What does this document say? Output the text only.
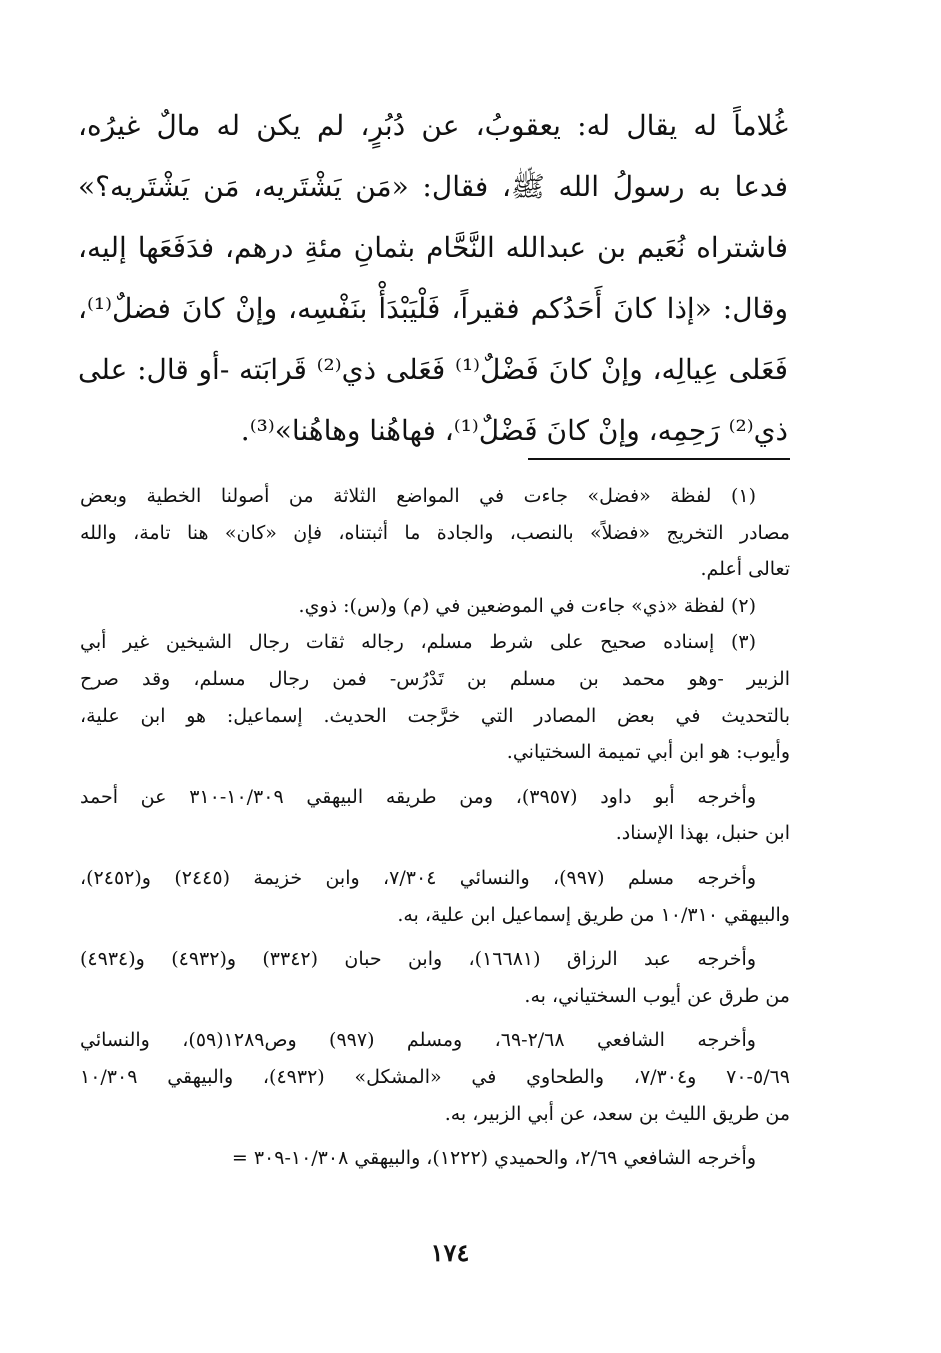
غُلاماً له يقال له: يعقوبُ، عن دُبُرٍ، لم يكن له مالٌ غيرُه،
فدعا به رسولُ الله ﷺ، فقال: «مَن يَشْتَريه، مَن يَشْتَريه؟»
فاشتراه نُعَيم بن عبدالله النَّحَّام بثمانِ مئةِ درهم، فدَفَعَها إليه،
وقال: «إذا كانَ أَحَدُكم فقيراً، فَلْيَبْدَأْ بنَفْسِه، وإنْ كانَ فضلٌ⁽¹⁾،
فَعَلى عِيالِه، وإنْ كانَ فَضْلٌ⁽¹⁾ فَعَلى ذي⁽²⁾ قَرابَته -أو قال: على
ذي⁽²⁾ رَحِمِه، وإنْ كانَ فَضْلٌ⁽¹⁾، فهاهُنا وهاهُنا»⁽³⁾.
(١) لفظة «فضل» جاءت في المواضع الثلاثة من أصولنا الخطية وبعض
مصادر التخريج «فضلاً» بالنصب، والجادة ما أثبتناه، فإن «كان» هنا تامة، والله
تعالى أعلم.
(٢) لفظة «ذي» جاءت في الموضعين في (م) و(س): ذوي.
(٣) إسناده صحيح على شرط مسلم، رجاله ثقات رجال الشيخين غير أبي
الزبير -وهو محمد بن مسلم بن تَدْرُس- فمن رجال مسلم، وقد صرح
بالتحديث في بعض المصادر التي خرَّجت الحديث. إسماعيل: هو ابن علية،
وأيوب: هو ابن أبي تميمة السختياني.
وأخرجه أبو داود (٣٩٥٧)، ومن طريقه البيهقي ١٠/٣٠٩-٣١٠ عن أحمد
ابن حنبل، بهذا الإسناد.
وأخرجه مسلم (٩٩٧)، والنسائي ٧/٣٠٤، وابن خزيمة (٢٤٤٥) و(٢٤٥٢)،
والبيهقي ١٠/٣١٠ من طريق إسماعيل ابن علية، به.
وأخرجه عبد الرزاق (١٦٦٨١)، وابن حبان (٣٣٤٢) و(٤٩٣٢) و(٤٩٣٤)
من طرق عن أيوب السختياني، به.
وأخرجه الشافعي ٢/٦٨-٦٩، ومسلم (٩٩٧) وص١٢٨٩(٥٩)، والنسائي
٥/٦٩-٧٠ و٧/٣٠٤، والطحاوي في «المشكل» (٤٩٣٢)، والبيهقي ١٠/٣٠٩
من طريق الليث بن سعد، عن أبي الزبير، به.
وأخرجه الشافعي ٢/٦٩، والحميدي (١٢٢٢)، والبيهقي ١٠/٣٠٨-٣٠٩ =
١٧٤
